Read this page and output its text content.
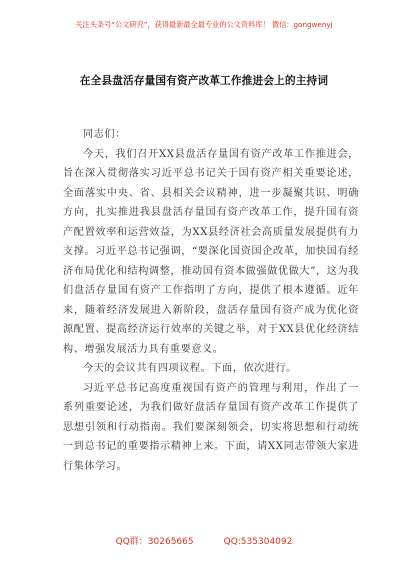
关注头条号“公文研究”，获得最新最全最专业的公文资料库！ 微信：gongwenyj
在全县盘活存量国有资产改革工作推进会上的主持词

同志们：

今天，我们召开XX县盘活存量国有资产改革工作推进会，旨在深入贯彻落实习近平总书记关于国有资产相关重要论述，全面落实中央、省、县相关会议精神，进一步凝聚共识、明确方向，扎实推进我县盘活存量国有资产改革工作，提升国有资产配置效率和运营效益，为XX县经济社会高质量发展提供有力支撑。习近平总书记强调，“要深化国资国企改革，加快国有经济布局优化和结构调整，推动国有资本做强做优做大”，这为我们盘活存量国有资产工作指明了方向，提供了根本遵循。近年来，随着经济发展进入新阶段，盘活存量国有资产成为优化资源配置、提高经济运行效率的关键之举，对于XX县优化经济结构、增强发展活力具有重要意义。

今天的会议共有四项议程。下面，依次进行。

习近平总书记高度重视国有资产的管理与利用，作出了一系列重要论述，为我们做好盘活存量国有资产改革工作提供了思想引领和行动指南。我们要深刻领会，切实将思想和行动统一到总书记的重要指示精神上来。下面，请XX同志带领大家进行集体学习。

QQ群：30265665	QQ:535304092
